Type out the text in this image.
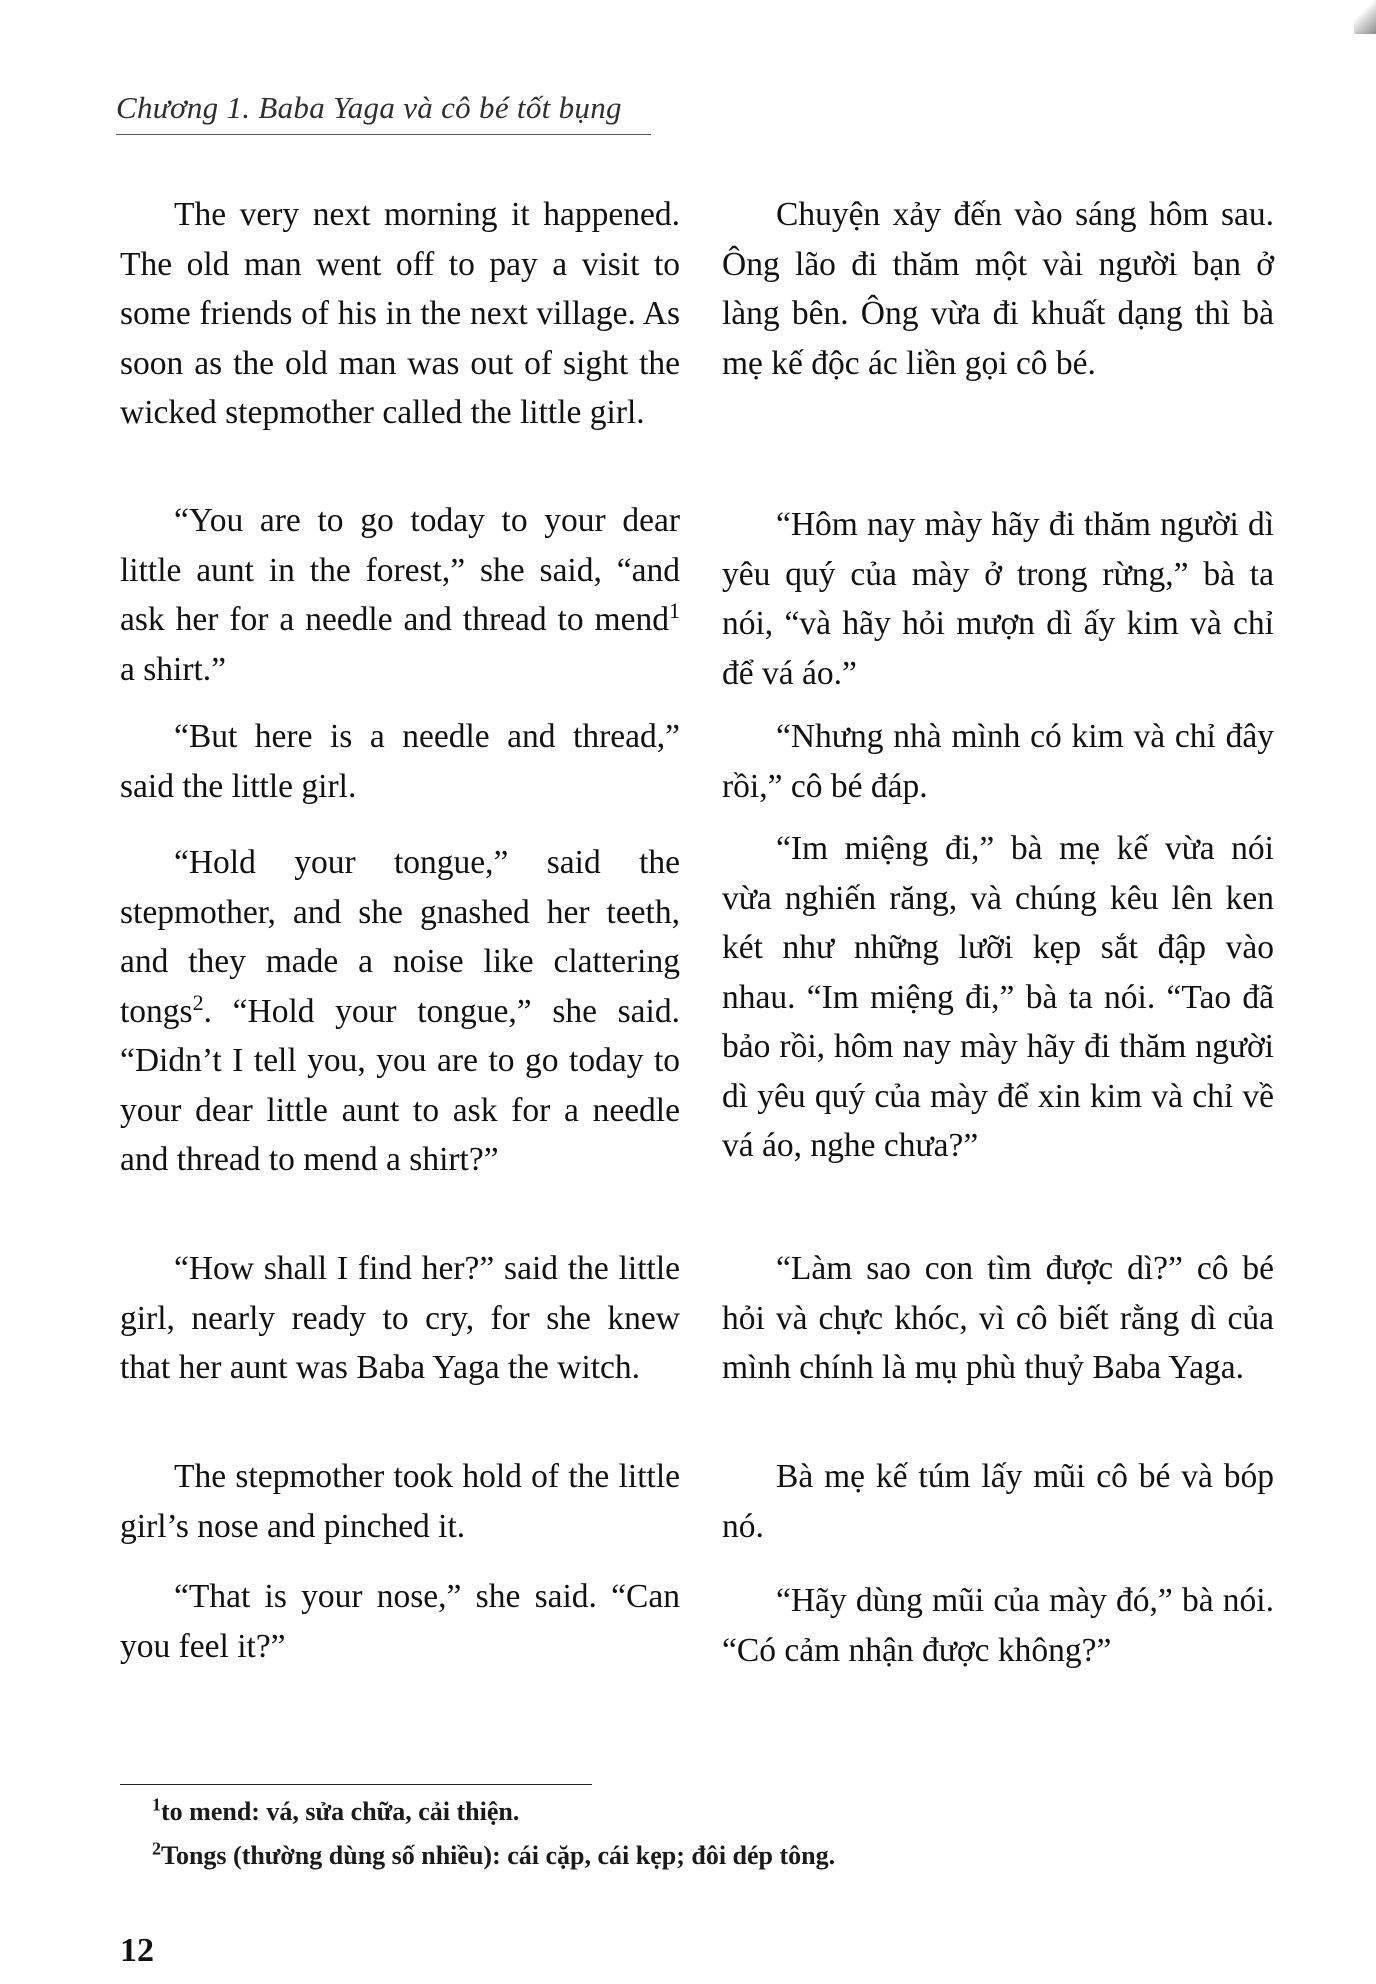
Chương 1. Baba Yaga và cô bé tốt bụng

The very next morning it happened. The old man went off to pay a visit to some friends of his in the next village. As soon as the old man was out of sight the wicked stepmother called the little girl.

“You are to go today to your dear little aunt in the forest,” she said, “and ask her for a needle and thread to mend$^1$ a shirt.”

“But here is a needle and thread,” said the little girl.

“Hold your tongue,” said the stepmother, and she gnashed her teeth, and they made a noise like clattering tongs$^2$. “Hold your tongue,” she said. “Didn’t I tell you, you are to go today to your dear little aunt to ask for a needle and thread to mend a shirt?”

“How shall I find her?” said the little girl, nearly ready to cry, for she knew that her aunt was Baba Yaga the witch.

The stepmother took hold of the little girl’s nose and pinched it.

“That is your nose,” she said. “Can you feel it?”

Chuyện xảy đến vào sáng hôm sau. Ông lão đi thăm một vài người bạn ở làng bên. Ông vừa đi khuất dạng thì bà mẹ kế độc ác liền gọi cô bé.

“Hôm nay mày hãy đi thăm người dì yêu quý của mày ở trong rừng,” bà ta nói, “và hãy hỏi mượn dì ấy kim và chỉ để vá áo.”

“Nhưng nhà mình có kim và chỉ đây rồi,” cô bé đáp.

“Im miệng đi,” bà mẹ kế vừa nói vừa nghiến răng, và chúng kêu lên ken két như những lưỡi kẹp sắt đập vào nhau. “Im miệng đi,” bà ta nói. “Tao đã bảo rồi, hôm nay mày hãy đi thăm người dì yêu quý của mày để xin kim và chỉ về vá áo, nghe chưa?”

“Làm sao con tìm được dì?” cô bé hỏi và chực khóc, vì cô biết rằng dì của mình chính là mụ phù thuỷ Baba Yaga.

Bà mẹ kế túm lấy mũi cô bé và bóp nó.

“Hãy dùng mũi của mày đó,” bà nói. “Có cảm nhận được không?”

$^1$to mend: vá, sửa chữa, cải thiện.
$^2$Tongs (thường dùng số nhiều): cái cặp, cái kẹp; đôi dép tông.
12
